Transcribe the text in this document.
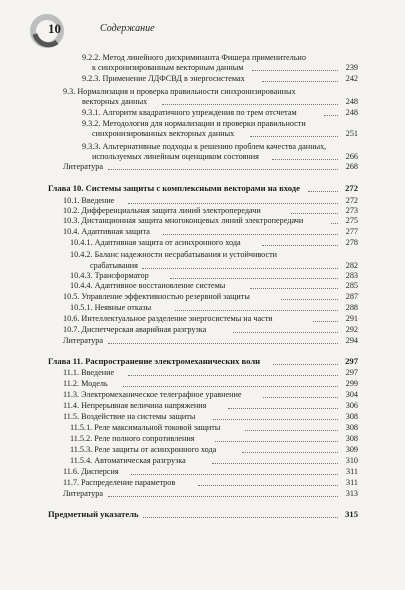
10	Содержание
9.2.2. Метод линейного дискриминанта Фишера применительно
к синхронизированным векторным данным	239
9.2.3. Применение ЛДФСВД в энергосистемах	242
9.3. Нормализация и проверка правильности синхронизированных
векторных данных	248
9.3.1. Алгоритм квадратичного упреждения по трем отсчетам	248
9.3.2. Методология для нормализации и проверки правильности
синхронизированных векторных данных	251
9.3.3. Альтернативные подходы к решению проблем качества данных,
используемых линейным оценщиком состояния	266
Литература	268
Глава 10. Системы защиты с комплексными векторами на входе	272
10.1. Введение	272
10.2. Дифференциальная защита линий электропередачи	273
10.3. Дистанционная защита многоконцевых линий электропередачи	275
10.4. Адаптивная защита	277
10.4.1. Адаптивная защита от асинхронного хода	278
10.4.2. Баланс надежности несрабатывания и устойчивости
срабатывания	282
10.4.3. Трансформатор	283
10.4.4. Адаптивное восстановление системы	285
10.5. Управление эффективностью резервной защиты	287
10.5.1. Неявные отказы	288
10.6. Интеллектуальное разделение энергосистемы на части	291
10.7. Диспетчерская аварийная разгрузка	292
Литература	294
Глава 11. Распространение электромеханических волн	297
11.1. Введение	297
11.2. Модель	299
11.3. Электромеханическое телеграфное уравнение	304
11.4. Непрерывная величина напряжения	306
11.5. Воздействие на системы защиты	308
11.5.1. Реле максимальной токовой защиты	308
11.5.2. Реле полного сопротивления	308
11.5.3. Реле защиты от асинхронного хода	309
11.5.4. Автоматическая разгрузка	310
11.6. Дисперсия	311
11.7. Распределение параметров	311
Литература	313
Предметный указатель	315
